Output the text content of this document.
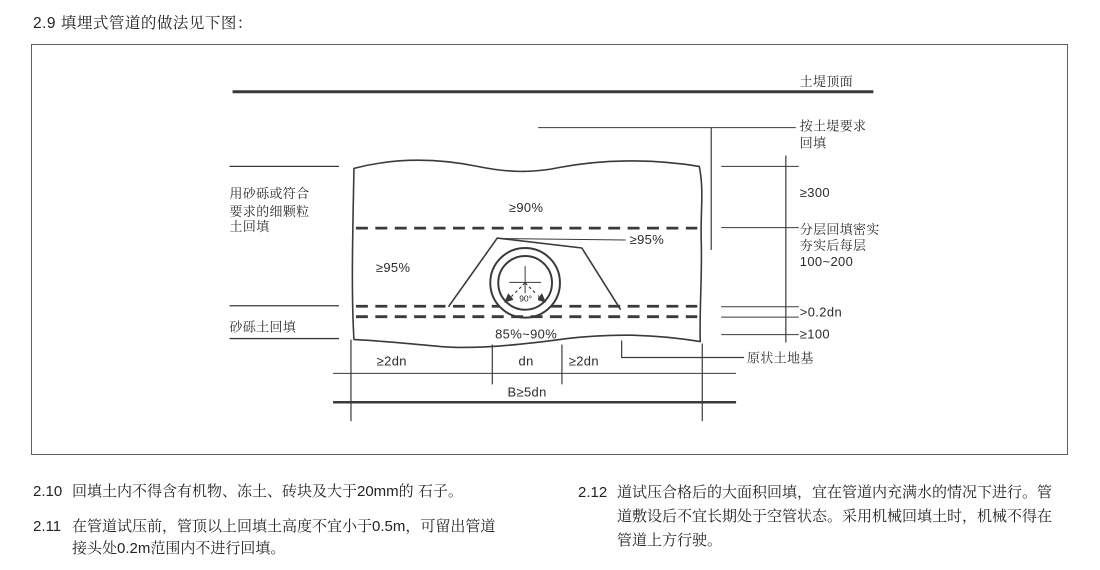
2.9 填埋式管道的做法见下图：
土堤顶面
按土堤要求
回填
≥300
分层回填密实
夯实后每层
100~200
>0.2dn
≥100
原状土地基
用砂砾或符合
要求的细颗粒
土回填
砂砾土回填
≥90%
≥95%
≥95%
85%~90%
90°
≥2dn	dn	≥2dn
B≥5dn
2.10 回填土内不得含有机物、冻土、砖块及大于20mm的 石子。
2.11 在管道试压前，管顶以上回填土高度不宜小于0.5m，可留出管道接头处0.2m范围内不进行回填。
2.12 道试压合格后的大面积回填，宜在管道内充满水的情况下进行。管道敷设后不宜长期处于空管状态。采用机械回填土时，机械不得在管道上方行驶。
